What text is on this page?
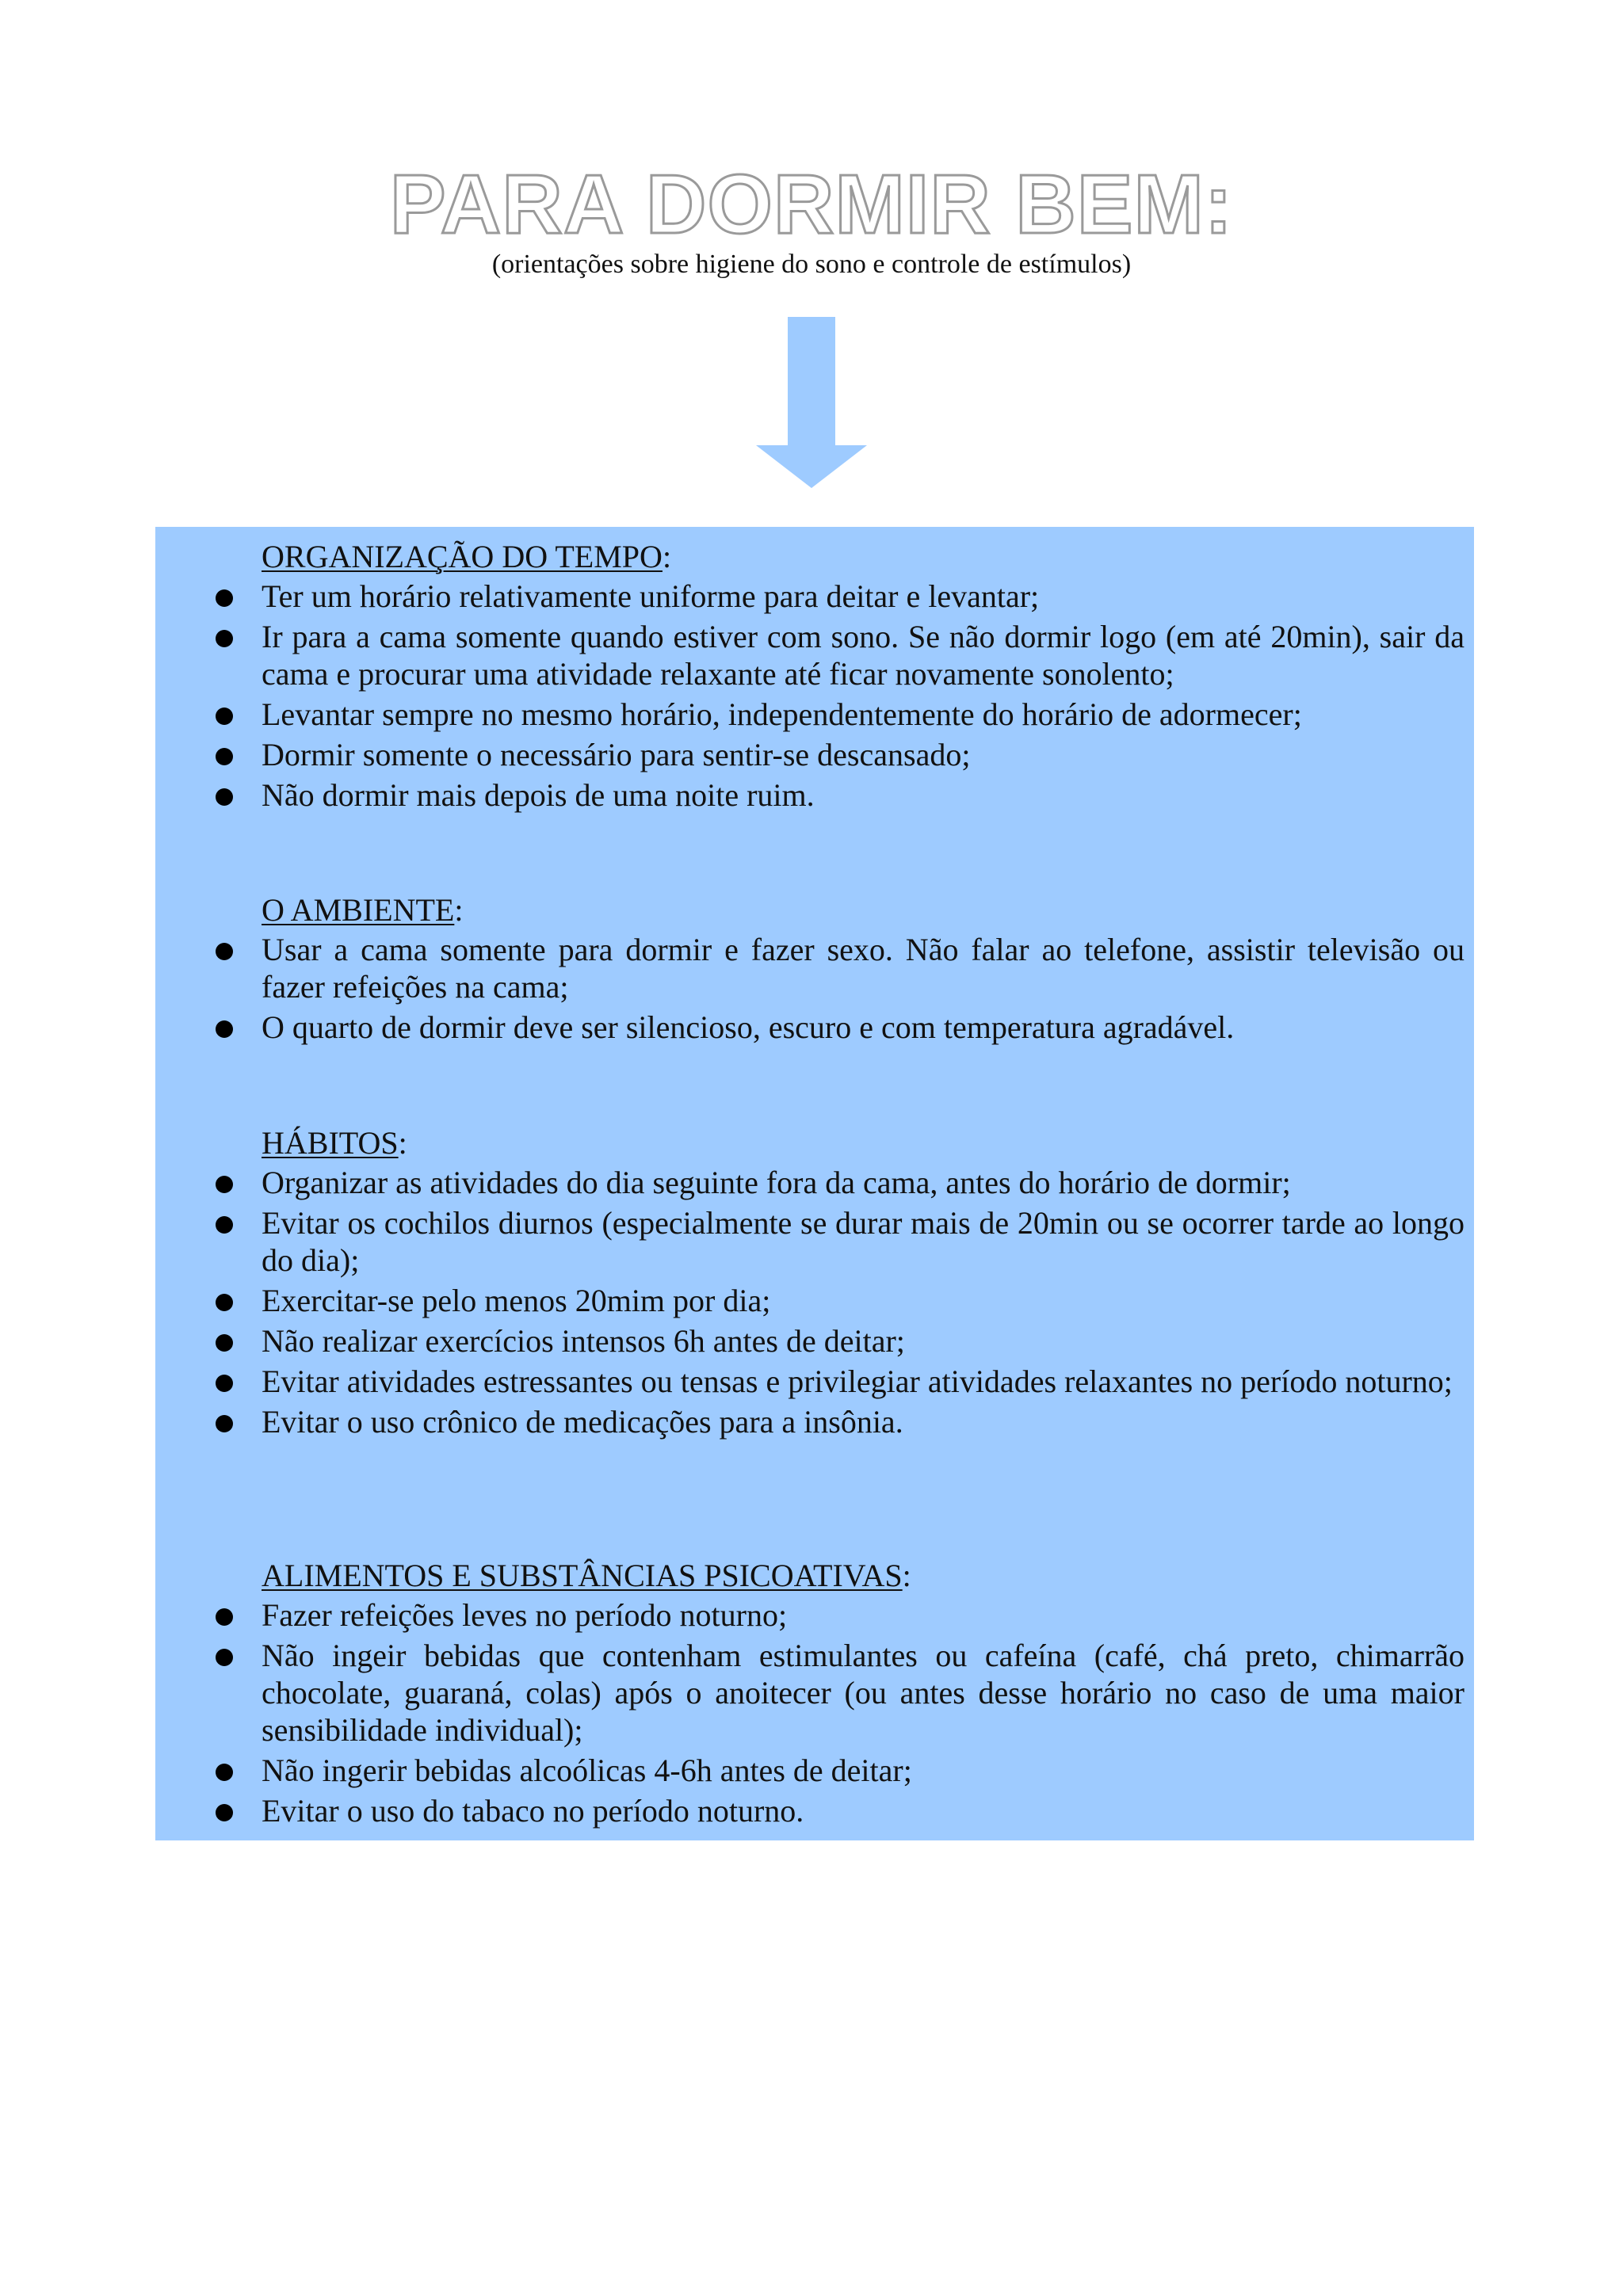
PARA DORMIR BEM:

(orientações sobre higiene do sono e controle de estímulos)

ORGANIZAÇÃO DO TEMPO:
Ter um horário relativamente uniforme para deitar e levantar;
Ir para a cama somente quando estiver com sono. Se não dormir logo (em até 20min), sair da cama e procurar uma atividade relaxante até ficar novamente sonolento;
Levantar sempre no mesmo horário, independentemente do horário de adormecer;
Dormir somente o necessário para sentir-se descansado;
Não dormir mais depois de uma noite ruim.
O AMBIENTE:
Usar a cama somente para dormir e fazer sexo. Não falar ao telefone, assistir televisão ou fazer refeições na cama;
O quarto de dormir deve ser silencioso, escuro e com temperatura agradável.
HÁBITOS:
Organizar as atividades do dia seguinte fora da cama, antes do horário de dormir;
Evitar os cochilos diurnos (especialmente se durar mais de 20min ou se ocorrer tarde ao longo do dia);
Exercitar-se pelo menos 20mim por dia;
Não realizar exercícios intensos 6h antes de deitar;
Evitar atividades estressantes ou tensas e privilegiar atividades relaxantes no período noturno;
Evitar o uso crônico de medicações para a insônia.
ALIMENTOS E SUBSTÂNCIAS PSICOATIVAS:
Fazer refeições leves no período noturno;
Não ingeir bebidas que contenham estimulantes ou cafeína (café, chá preto, chimarrão chocolate, guaraná, colas) após o anoitecer (ou antes desse horário no caso de uma maior sensibilidade individual);
Não ingerir bebidas alcoólicas 4-6h antes de deitar;
Evitar o uso do tabaco no período noturno.
